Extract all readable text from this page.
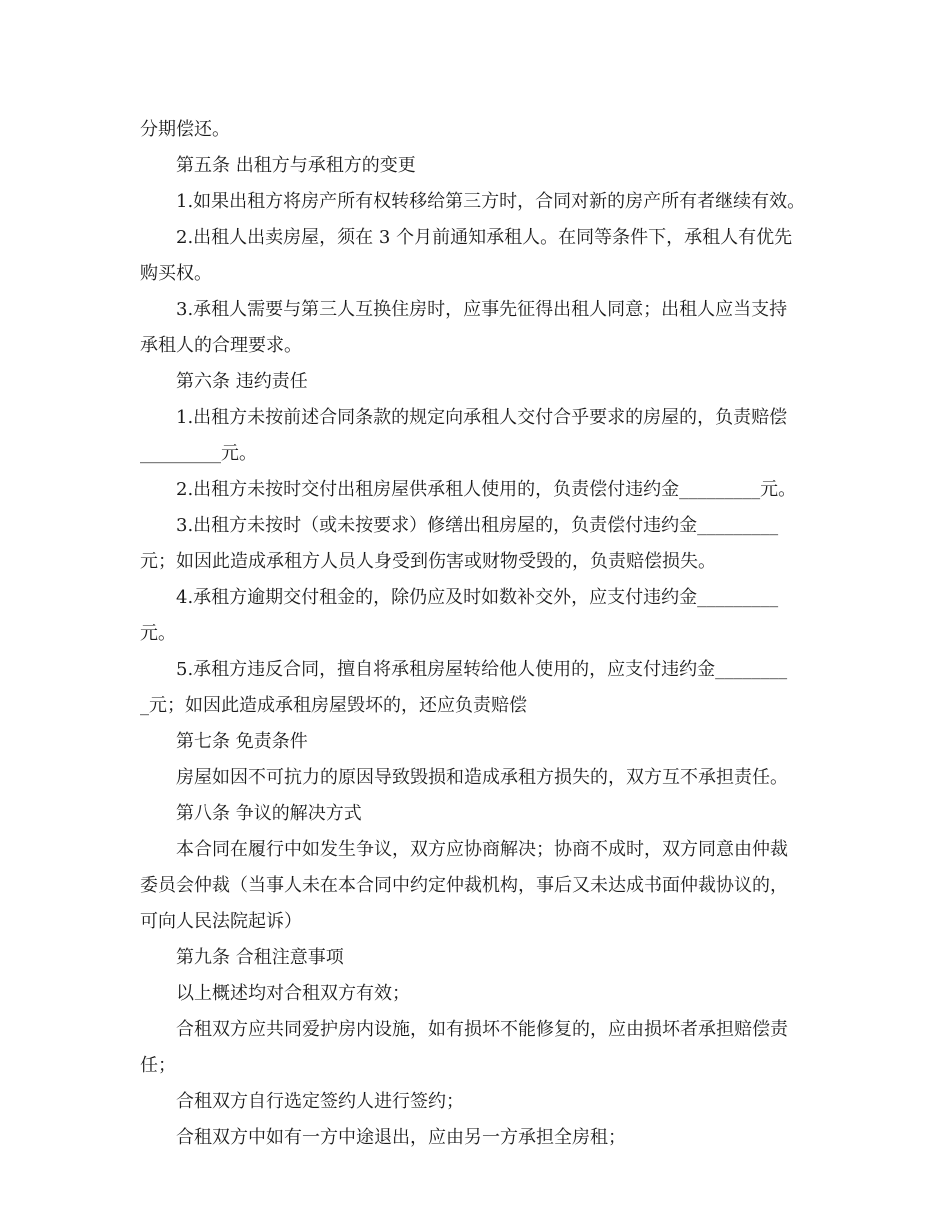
分期偿还。
第五条 出租方与承租方的变更
1.如果出租方将房产所有权转移给第三方时，合同对新的房产所有者继续有效。
2.出租人出卖房屋，须在 3 个月前通知承租人。在同等条件下，承租人有优先
购买权。
3.承租人需要与第三人互换住房时，应事先征得出租人同意；出租人应当支持
承租人的合理要求。
第六条 违约责任
1.出租方未按前述合同条款的规定向承租人交付合乎要求的房屋的，负责赔偿
_________元。
2.出租方未按时交付出租房屋供承租人使用的，负责偿付违约金_________元。
3.出租方未按时（或未按要求）修缮出租房屋的，负责偿付违约金_________
元；如因此造成承租方人员人身受到伤害或财物受毁的，负责赔偿损失。
4.承租方逾期交付租金的，除仍应及时如数补交外，应支付违约金_________
元。
5.承租方违反合同，擅自将承租房屋转给他人使用的，应支付违约金________
_元；如因此造成承租房屋毁坏的，还应负责赔偿
第七条 免责条件
房屋如因不可抗力的原因导致毁损和造成承租方损失的，双方互不承担责任。
第八条 争议的解决方式
本合同在履行中如发生争议，双方应协商解决；协商不成时，双方同意由仲裁
委员会仲裁（当事人未在本合同中约定仲裁机构，事后又未达成书面仲裁协议的，
可向人民法院起诉）
第九条 合租注意事项
以上概述均对合租双方有效；
合租双方应共同爱护房内设施，如有损坏不能修复的，应由损坏者承担赔偿责
任；
合租双方自行选定签约人进行签约；
合租双方中如有一方中途退出，应由另一方承担全房租；
